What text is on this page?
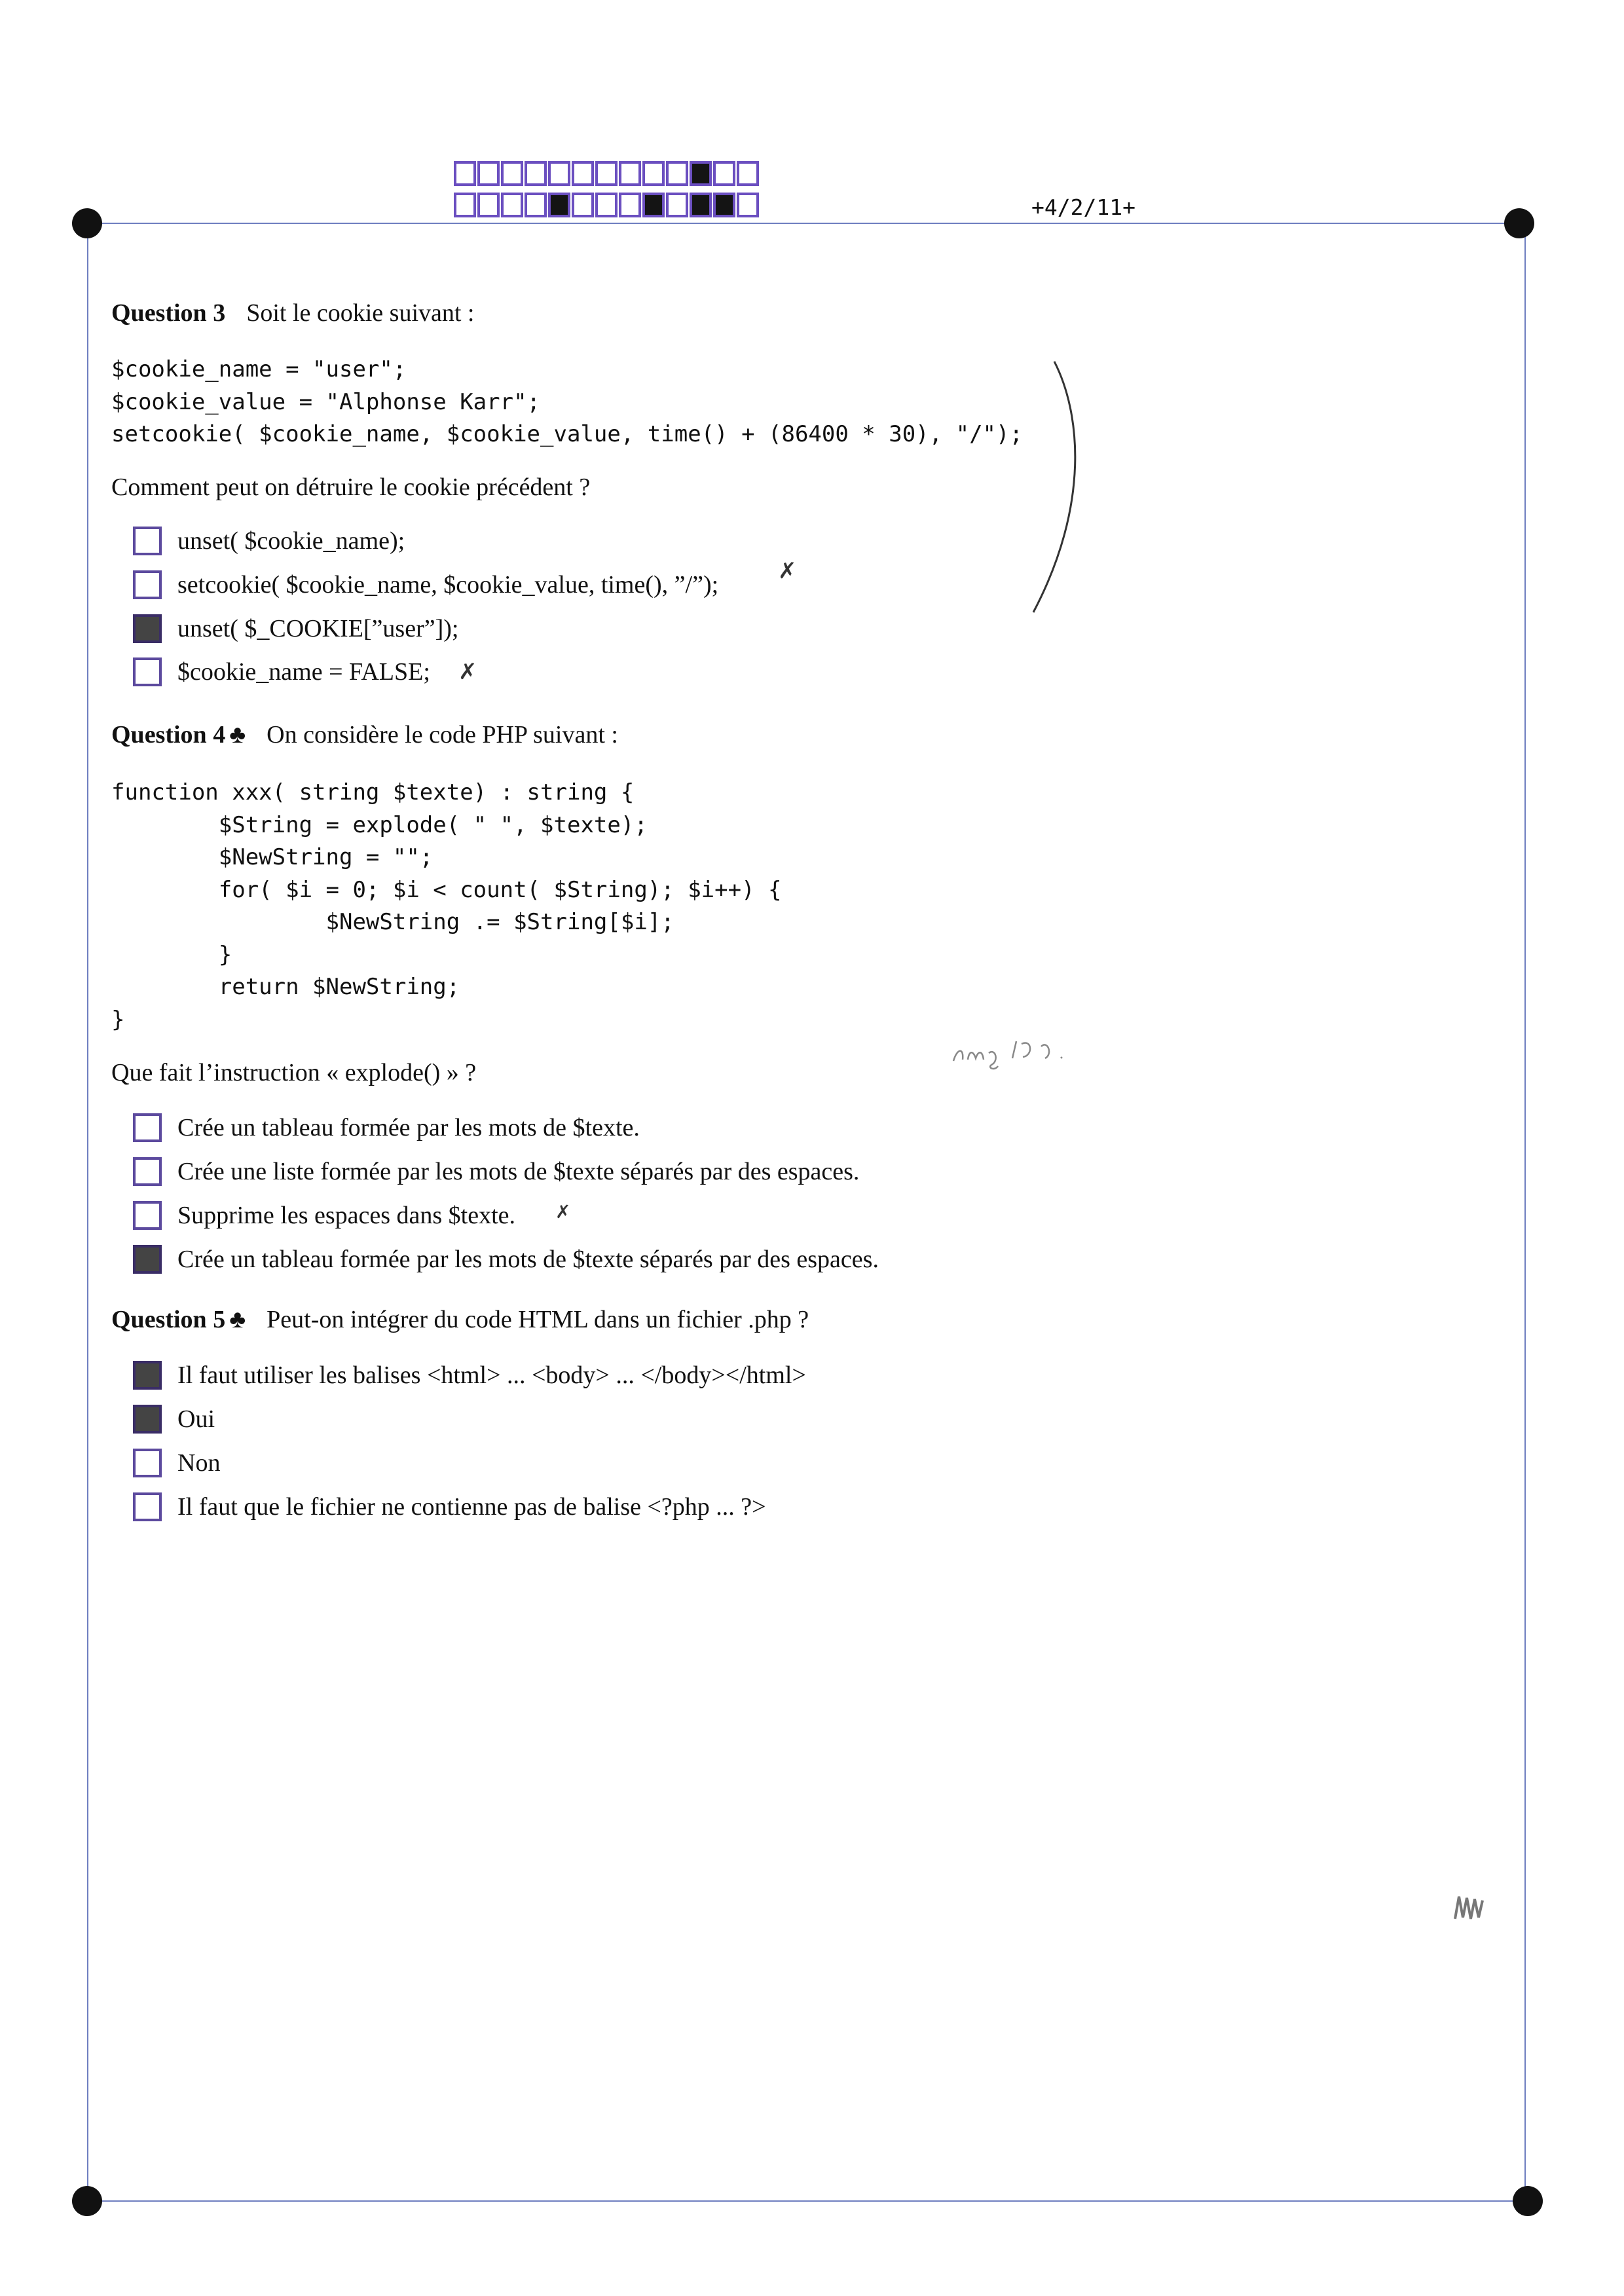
+4/2/11+
Question 3 Soit le cookie suivant :
$cookie_name = "user";
$cookie_value = "Alphonse Karr";
setcookie( $cookie_name, $cookie_value, time() + (86400 * 30), "/");
Comment peut on détruire le cookie précédent ?
unset( $cookie_name);
setcookie( $cookie_name, $cookie_value, time(), ”/”);
unset( $_COOKIE[”user”]);
$cookie_name = FALSE;
✗
✗
Question 4 ♣ On considère le code PHP suivant :
function xxx( string $texte) : string {
$String = explode( " ", $texte);
$NewString = "";
for( $i = 0; $i < count( $String); $i++) {
$NewString .= $String[$i];
}
return $NewString;
}
Que fait l’instruction « explode() » ?
Crée un tableau formée par les mots de $texte.
Crée une liste formée par les mots de $texte séparés par des espaces.
Supprime les espaces dans $texte.
Crée un tableau formée par les mots de $texte séparés par des espaces.
✗
Question 5 ♣ Peut-on intégrer du code HTML dans un fichier .php ?
Il faut utiliser les balises <html> ... <body> ... </body></html>
Oui
Non
Il faut que le fichier ne contienne pas de balise <?php ... ?>
